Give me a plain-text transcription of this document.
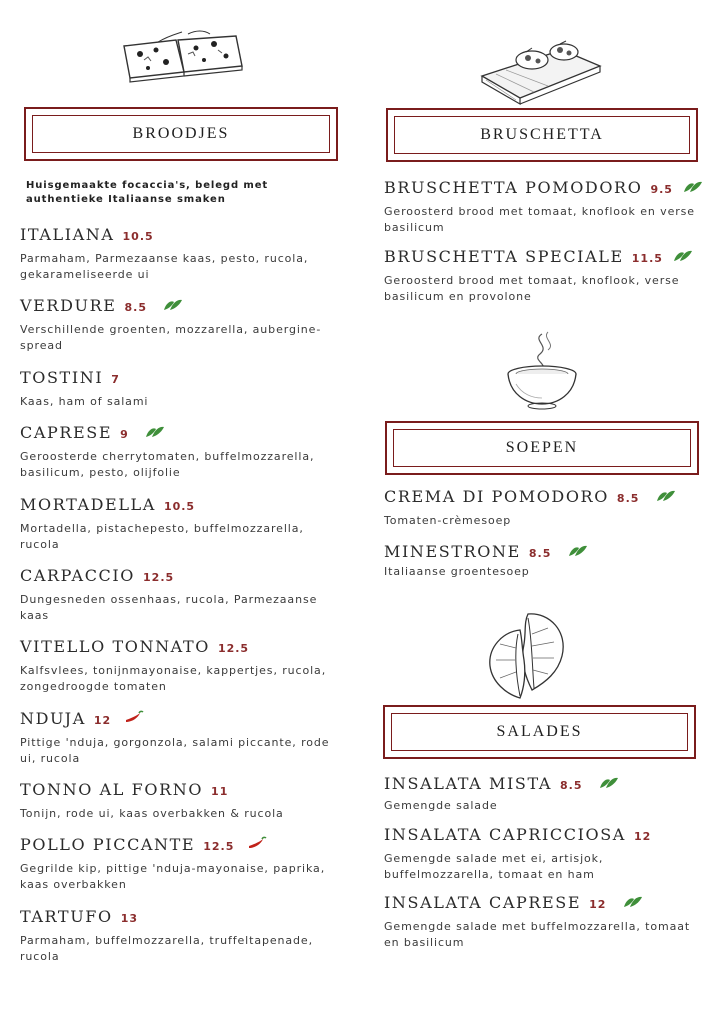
BROODJES	BRUSCHETTA
SOEPEN
SALADES
Huisgemaakte focaccia's, belegd met authentieke Italiaanse smaken
ITALIANA 10.5
Parmaham, Parmezaanse kaas, pesto, rucola, gekarameliseerde ui
VERDURE 8.5
Verschillende groenten, mozzarella, aubergine-spread
TOSTINI 7
Kaas, ham of salami
CAPRESE 9
Geroosterde cherrytomaten, buffelmozzarella, basilicum, pesto, olijfolie
MORTADELLA 10.5
Mortadella, pistachepesto, buffelmozzarella, rucola
CARPACCIO 12.5
Dungesneden ossenhaas, rucola, Parmezaanse kaas
VITELLO TONNATO 12.5
Kalfsvlees, tonijnmayonaise, kappertjes, rucola, zongedroogde tomaten
NDUJA 12
Pittige 'nduja, gorgonzola, salami piccante, rode ui, rucola
TONNO AL FORNO 11
Tonijn, rode ui, kaas overbakken & rucola
POLLO PICCANTE 12.5
Gegrilde kip, pittige 'nduja-mayonaise, paprika, kaas overbakken
TARTUFO 13
Parmaham, buffelmozzarella, truffeltapenade, rucola
BRUSCHETTA POMODORO 9.5
Geroosterd brood met tomaat, knoflook en verse basilicum
BRUSCHETTA SPECIALE 11.5
Geroosterd brood met tomaat, knoflook, verse basilicum en provolone
CREMA DI POMODORO 8.5
Tomaten-crèmesoep
MINESTRONE 8.5
Italiaanse groentesoep
INSALATA MISTA 8.5
Gemengde salade
INSALATA CAPRICCIOSA 12
Gemengde salade met ei, artisjok, buffelmozzarella, tomaat en ham
INSALATA CAPRESE 12
Gemengde salade met buffelmozzarella, tomaat en basilicum
